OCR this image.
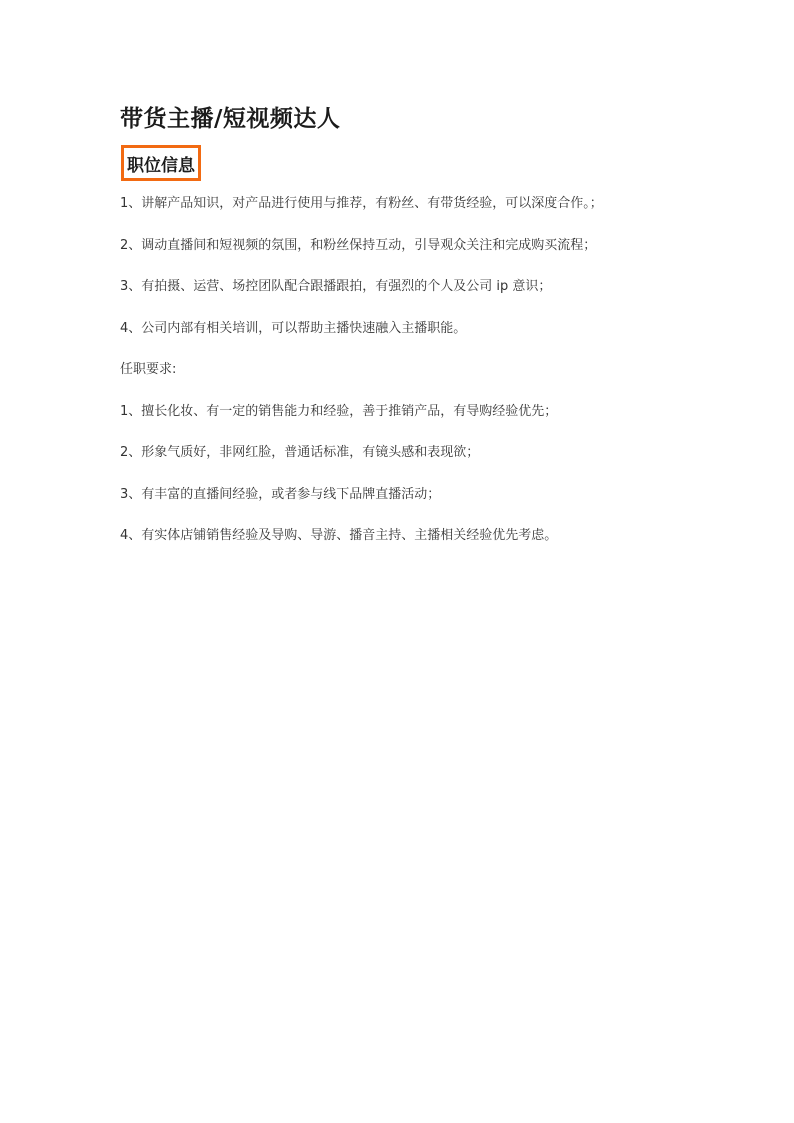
带货主播/短视频达人
职位信息

1、讲解产品知识，对产品进行使用与推荐，有粉丝、有带货经验，可以深度合作。；

2、调动直播间和短视频的氛围，和粉丝保持互动，引导观众关注和完成购买流程；

3、有拍摄、运营、场控团队配合跟播跟拍，有强烈的个人及公司 ip 意识；

4、公司内部有相关培训，可以帮助主播快速融入主播职能。

任职要求:

1、擅长化妆、有一定的销售能力和经验，善于推销产品，有导购经验优先；

2、形象气质好，非网红脸，普通话标准，有镜头感和表现欲；

3、有丰富的直播间经验，或者参与线下品牌直播活动；

4、有实体店铺销售经验及导购、导游、播音主持、主播相关经验优先考虑。
